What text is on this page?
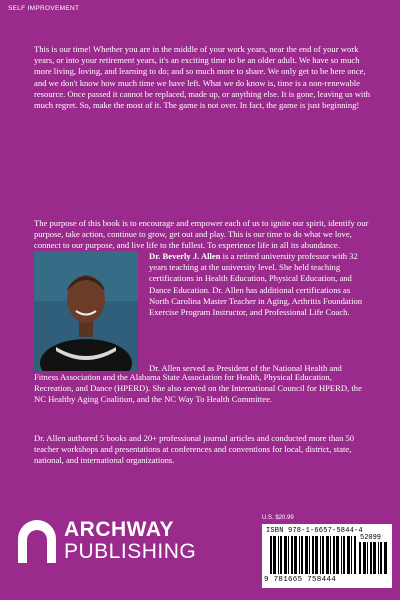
SELF IMPROVEMENT

This is our time! Whether you are in the middle of your work years, near the end of your work years, or into your retirement years, it's an exciting time to be an older adult. We have so much more living, loving, and learning to do; and so much more to share. We only get to be here once, and we don't know how much time we have left. What we do know is, time is a non-renewable resource. Once passed it cannot be replaced, made up, or anything else. It is gone, leaving us with much regret. So, make the most of it. The game is not over. In fact, the game is just beginning!

The purpose of this book is to encourage and empower each of us to ignite our spirit, identify our purpose, take action, continue to grow, get out and play. This is our time to do what we love, connect to our purpose, and live life to the fullest. To experience life in all its abundance.

Dr. Beverly J. Allen is a retired university professor with 32 years teaching at the university level. She held teaching certifications in Health Education, Physical Education, and Dance Education. Dr. Allen has additional certifications as North Carolina Master Teacher in Aging, Arthritis Foundation Exercise Program Instructor, and Professional Life Coach.

Dr. Allen served as President of the National Health and

Fitness Association and the Alabama State Association for Health, Physical Education, Recreation, and Dance (HPERD). She also served on the International Council for HPERD, the NC Healthy Aging Coalition, and the NC Way To Health Committee.

Dr. Allen authored 5 books and 20+ professional journal articles and conducted more than 50 teacher workshops and presentations at conferences and conventions for local, district, state, national, and international organizations.

ARCHWAY
PUBLISHING
U.S. $20.99
ISBN 978-1-6657-5844-4
52099
9 781665 758444
